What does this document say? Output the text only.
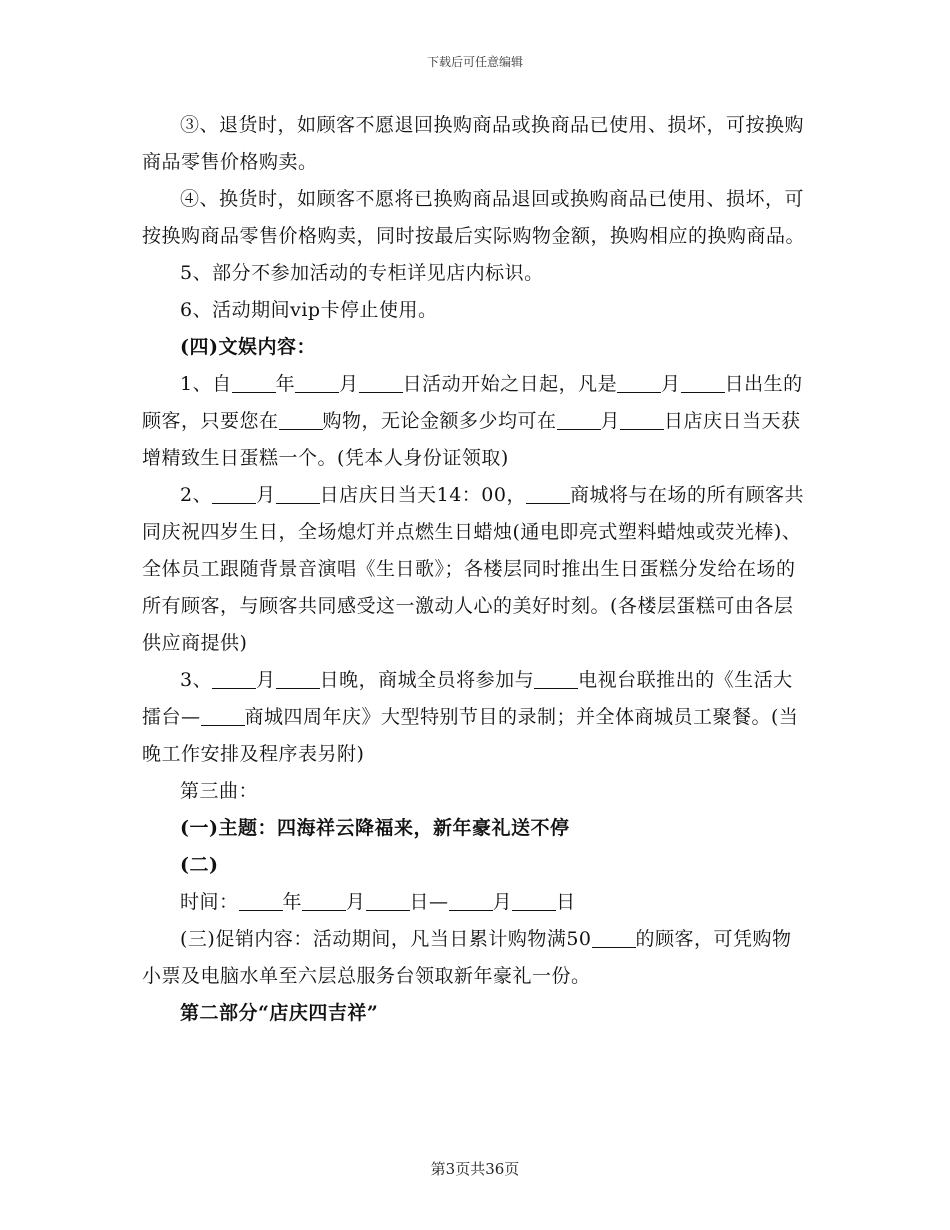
下载后可任意编辑

③、退货时，如顾客不愿退回换购商品或换商品已使用、损坏，可按换购商品零售价格购卖。

④、换货时，如顾客不愿将已换购商品退回或换购商品已使用、损坏，可按换购商品零售价格购卖，同时按最后实际购物金额，换购相应的换购商品。

5、部分不参加活动的专柜详见店内标识。

6、活动期间vip卡停止使用。

(四)文娱内容：

1、自 年 月 日活动开始之日起，凡是 月 日出生的顾客，只要您在 购物，无论金额多少均可在 月 日店庆日当天获增精致生日蛋糕一个。(凭本人身份证领取)

2、 月 日店庆日当天14：00， 商城将与在场的所有顾客共同庆祝四岁生日，全场熄灯并点燃生日蜡烛(通电即亮式塑料蜡烛或荧光棒)、全体员工跟随背景音演唱《生日歌》；各楼层同时推出生日蛋糕分发给在场的所有顾客，与顾客共同感受这一激动人心的美好时刻。(各楼层蛋糕可由各层供应商提供)

3、 月 日晚，商城全员将参加与 电视台联推出的《生活大擂台— 商城四周年庆》大型特别节目的录制；并全体商城员工聚餐。(当晚工作安排及程序表另附)

第三曲：

(一)主题：四海祥云降福来，新年豪礼送不停

(二)

时间： 年 月 日— 月 日

(三)促销内容：活动期间，凡当日累计购物满50 的顾客，可凭购物小票及电脑水单至六层总服务台领取新年豪礼一份。

第二部分“店庆四吉祥”

第3页共36页
